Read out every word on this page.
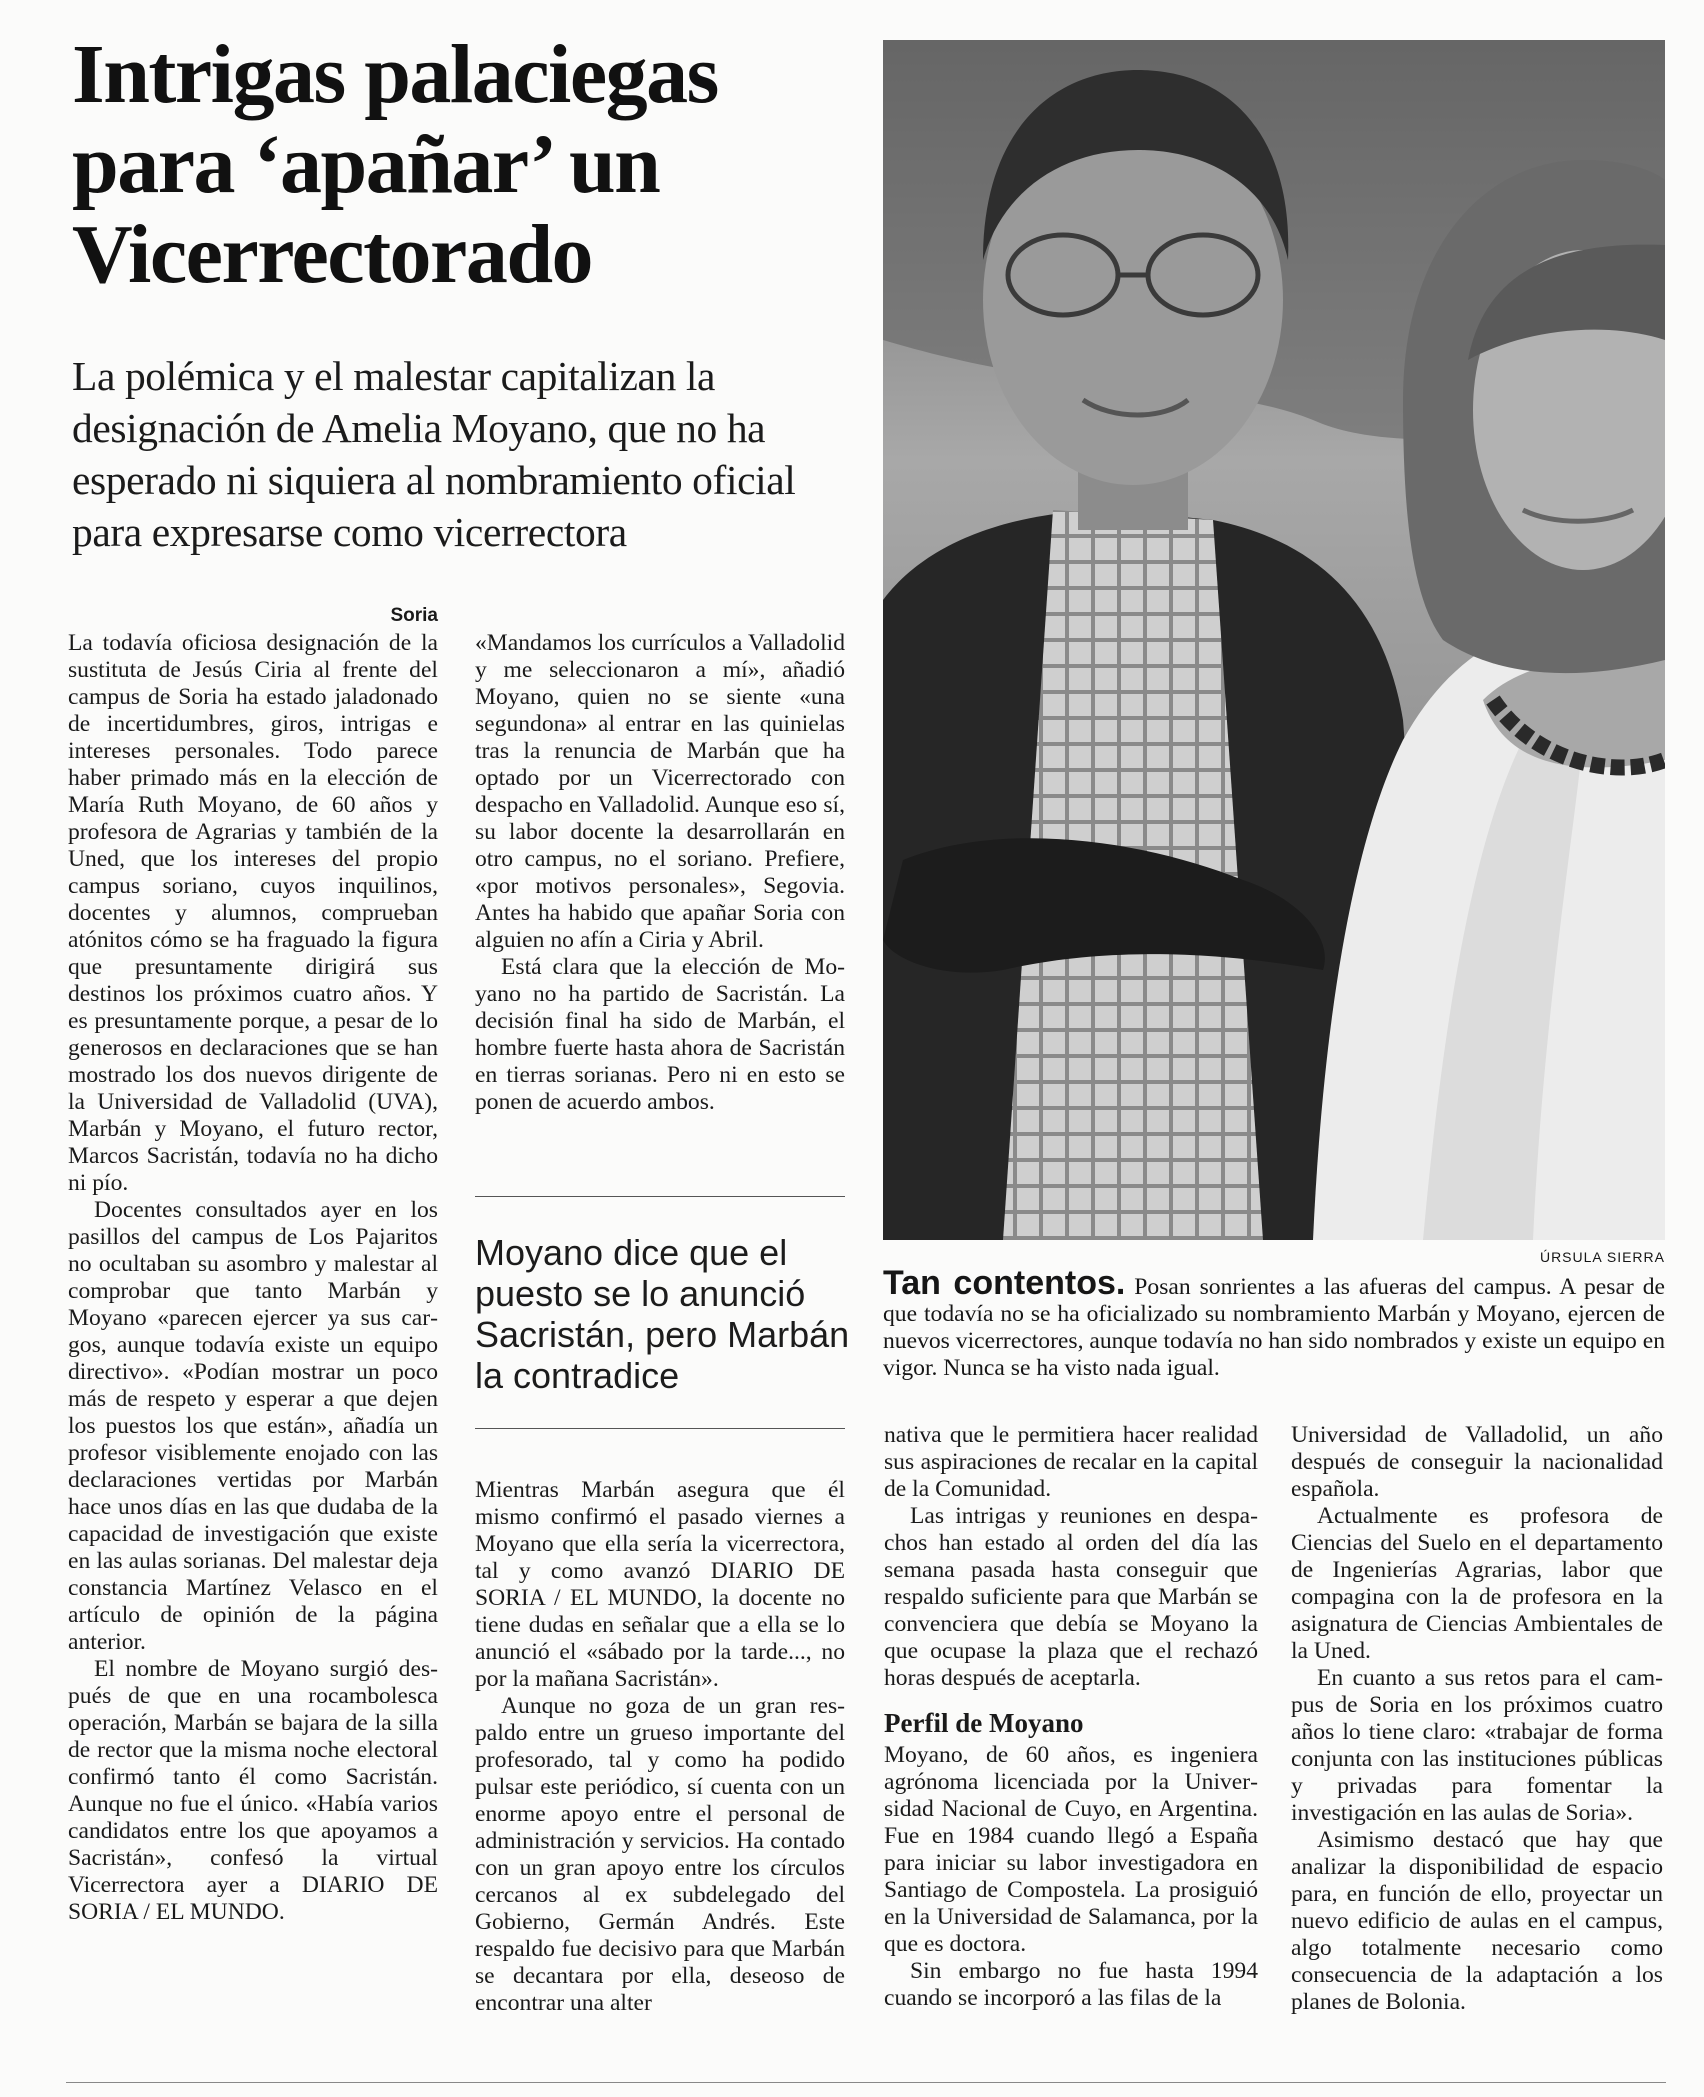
Intrigas palaciegas para ‘apañar’ un Vicerrectorado
La polémica y el malestar capitalizan la designación de Amelia Moyano, que no ha esperado ni siquiera al nombramiento oficial para expresarse como vicerrectora
Soria

La todavía oficiosa designación de la sustituta de Jesús Ciria al frente del campus de Soria ha estado jaladonado de incertidumbres, giros, intrigas e intereses personales. Todo parece haber primado más en la elección de María Ruth Moyano, de 60 años y profesora de Agrarias y también de la Uned, que los intereses del propio campus soriano, cuyos inquilinos, docentes y alumnos, comprueban atónitos cómo se ha fraguado la figura que presuntamente dirigirá sus destinos los próximos cuatro años. Y es presuntamente porque, a pesar de lo generosos en declaraciones que se han mostrado los dos nuevos dirigente de la Universidad de Valladolid (UVA), Marbán y Moyano, el futuro rector, Marcos Sacristán, todavía no ha dicho ni pío.

Docentes consultados ayer en los pasillos del campus de Los Pajaritos no ocultaban su asombro y malestar al comprobar que tanto Marbán y Moyano «parecen ejercer ya sus cargos, aunque todavía existe un equipo directivo». «Podían mostrar un poco más de respeto y esperar a que dejen los puestos los que están», añadía un profesor visiblemente enojado con las declaraciones vertidas por Marbán hace unos días en las que dudaba de la capacidad de investigación que existe en las aulas sorianas. Del malestar deja constancia Martínez Velasco en el artículo de opinión de la página anterior.

El nombre de Moyano surgió después de que en una rocambolesca operación, Marbán se bajara de la silla de rector que la misma noche electoral confirmó tanto él como Sacristán. Aunque no fue el único. «Había varios candidatos entre los que apoyamos a Sacristán», confesó la virtual Vicerrectora ayer a DIARIO DE SORIA / EL MUNDO.

«Mandamos los currículos a Valladolid y me seleccionaron a mí», añadió Moyano, quien no se siente «una segundona» al entrar en las quinielas tras la renuncia de Marbán que ha optado por un Vicerrectorado con despacho en Valladolid. Aunque eso sí, su labor docente la desarrollarán en otro campus, no el soriano. Prefiere, «por motivos personales», Segovia. Antes ha habido que apañar Soria con alguien no afín a Ciria y Abril.

Está clara que la elección de Moyano no ha partido de Sacristán. La decisión final ha sido de Marbán, el hombre fuerte hasta ahora de Sacristán en tierras sorianas. Pero ni en esto se ponen de acuerdo ambos.

Moyano dice que el puesto se lo anunció Sacristán, pero Marbán la contradice

Mientras Marbán asegura que él mismo confirmó el pasado viernes a Moyano que ella sería la vicerrectora, tal y como avanzó DIARIO DE SORIA / EL MUNDO, la docente no tiene dudas en señalar que a ella se lo anunció el «sábado por la tarde..., no por la mañana Sacristán».

Aunque no goza de un gran respaldo entre un grueso importante del profesorado, tal y como ha podido pulsar este periódico, sí cuenta con un enorme apoyo entre el personal de administración y servicios. Ha contado con un gran apoyo entre los círculos cercanos al ex subdelegado del Gobierno, Germán Andrés. Este respaldo fue decisivo para que Marbán se decantara por ella, deseoso de encontrar una alter

ÚRSULA SIERRA
Tan contentos. Posan sonrientes a las afueras del campus. A pesar de que todavía no se ha oficializado su nombramiento Marbán y Moyano, ejercen de nuevos vicerrectores, aunque todavía no han sido nombrados y existe un equipo en vigor. Nunca se ha visto nada igual.

nativa que le permitiera hacer realidad sus aspiraciones de recalar en la capital de la Comunidad.

Las intrigas y reuniones en despachos han estado al orden del día las semana pasada hasta conseguir que respaldo suficiente para que Marbán se convenciera que debía se Moyano la que ocupase la plaza que el rechazó horas después de aceptarla.

Perfil de Moyano

Moyano, de 60 años, es ingeniera agrónoma licenciada por la Universidad Nacional de Cuyo, en Argentina. Fue en 1984 cuando llegó a España para iniciar su labor investigadora en Santiago de Compostela. La prosiguió en la Universidad de Salamanca, por la que es doctora.

Sin embargo no fue hasta 1994 cuando se incorporó a las filas de la

Universidad de Valladolid, un año después de conseguir la nacionalidad española.

Actualmente es profesora de Ciencias del Suelo en el departamento de Ingenierías Agrarias, labor que compagina con la de profesora en la asignatura de Ciencias Ambientales de la Uned.

En cuanto a sus retos para el campus de Soria en los próximos cuatro años lo tiene claro: «trabajar de forma conjunta con las instituciones públicas y privadas para fomentar la investigación en las aulas de Soria».

Asimismo destacó que hay que analizar la disponibilidad de espacio para, en función de ello, proyectar un nuevo edificio de aulas en el campus, algo totalmente necesario como consecuencia de la adaptación a los planes de Bolonia.
